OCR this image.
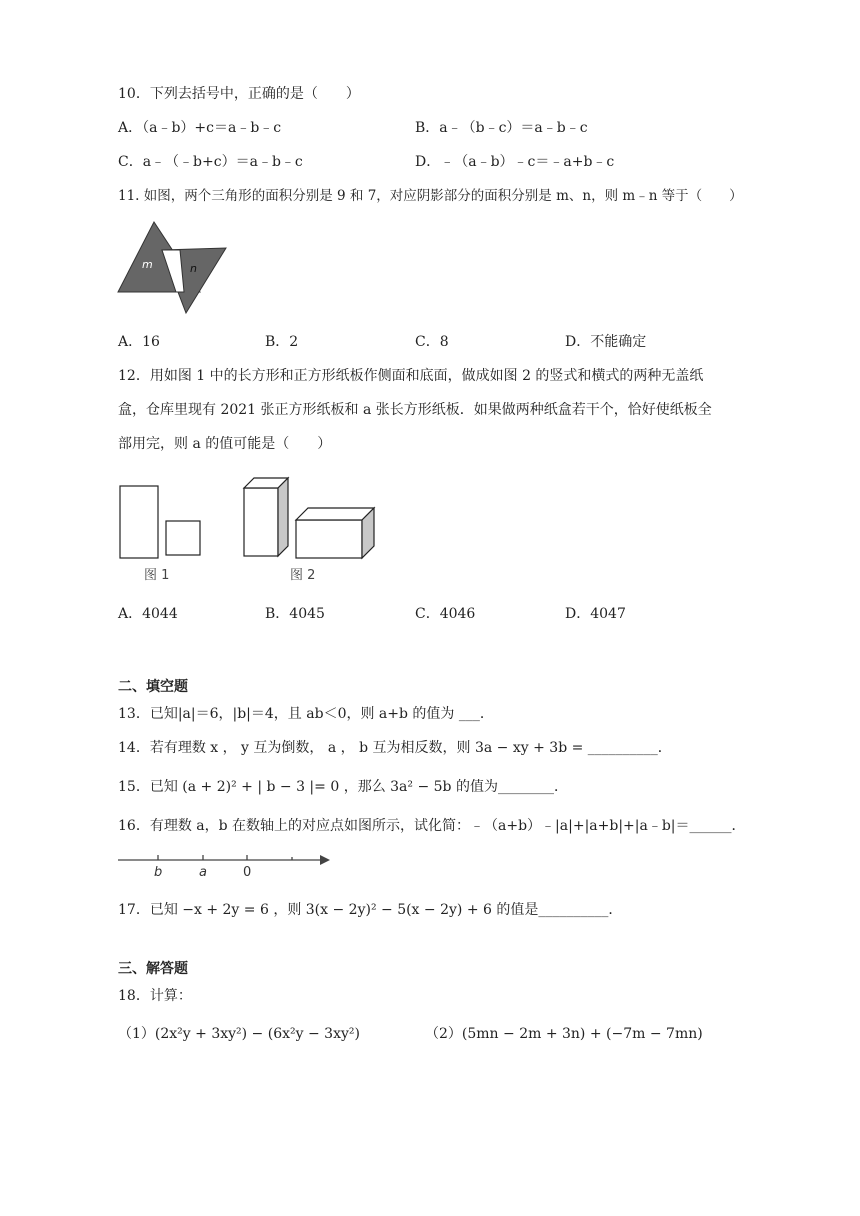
10．下列去括号中，正确的是（　　）
A．（a﹣b）+c＝a﹣b﹣c	B．a﹣（b﹣c）＝a﹣b﹣c
C．a﹣（﹣b+c）＝a﹣b﹣c	D．﹣（a﹣b）﹣c＝﹣a+b﹣c
11. 如图，两个三角形的面积分别是 9 和 7，对应阴影部分的面积分别是 m、n，则 m﹣n 等于（　　）
m	n
A．16	B．2	C．8	D．不能确定
12．用如图 1 中的长方形和正方形纸板作侧面和底面，做成如图 2 的竖式和横式的两种无盖纸
盒，仓库里现有 2021 张正方形纸板和 a 张长方形纸板．如果做两种纸盒若干个，恰好使纸板全
部用完，则 a 的值可能是（　　）
图 1	图 2
A．4044	B．4045	C．4046	D．4047
二、填空题
13．已知|a|＝6，|b|＝4，且 ab＜0，则 a+b 的值为 ___．
14．若有理数 x ， y 互为倒数， a ， b 互为相反数，则 3a − xy + 3b = __________．
15．已知 (a + 2)² + | b − 3 |= 0 ，那么 3a² − 5b 的值为________．
16．有理数 a，b 在数轴上的对应点如图所示，试化简：﹣（a+b）﹣|a|+|a+b|+|a﹣b|＝______．
b	a	0
17．已知 −x + 2y = 6 ，则 3(x − 2y)² − 5(x − 2y) + 6 的值是__________．
三、解答题
18．计算：
（1）(2x²y + 3xy²) − (6x²y − 3xy²)	（2）(5mn − 2m + 3n) + (−7m − 7mn)
